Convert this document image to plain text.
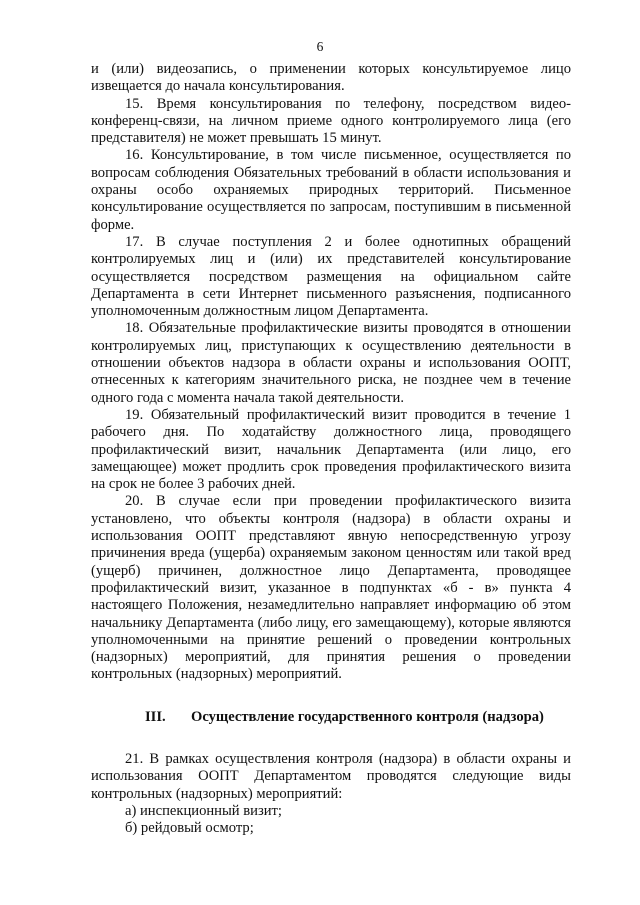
6

и (или) видеозапись, о применении которых консультируемое лицо извещается до начала консультирования.

15. Время консультирования по телефону, посредством видео-конференц-связи, на личном приеме одного контролируемого лица (его представителя) не может превышать 15 минут.

16. Консультирование, в том числе письменное, осуществляется по вопросам соблюдения Обязательных требований в области использования и охраны особо охраняемых природных территорий. Письменное консультирование осуществляется по запросам, поступившим в письменной форме.

17. В случае поступления 2 и более однотипных обращений контролируемых лиц и (или) их представителей консультирование осуществляется посредством размещения на официальном сайте Департамента в сети Интернет письменного разъяснения, подписанного уполномоченным должностным лицом Департамента.

18. Обязательные профилактические визиты проводятся в отношении контролируемых лиц, приступающих к осуществлению деятельности в отношении объектов надзора в области охраны и использования ООПТ, отнесенных к категориям значительного риска, не позднее чем в течение одного года с момента начала такой деятельности.

19. Обязательный профилактический визит проводится в течение 1 рабочего дня. По ходатайству должностного лица, проводящего профилактический визит, начальник Департамента (или лицо, его замещающее) может продлить срок проведения профилактического визита на срок не более 3 рабочих дней.

20. В случае если при проведении профилактического визита установлено, что объекты контроля (надзора) в области охраны и использования ООПТ представляют явную непосредственную угрозу причинения вреда (ущерба) охраняемым законом ценностям или такой вред (ущерб) причинен, должностное лицо Департамента, проводящее профилактический визит, указанное в подпунктах «б - в» пункта 4 настоящего Положения, незамедлительно направляет информацию об этом начальнику Департамента (либо лицу, его замещающему), которые являются уполномоченными на принятие решений о проведении контрольных (надзорных) мероприятий, для принятия решения о проведении контрольных (надзорных) мероприятий.

III. Осуществление государственного контроля (надзора)

21. В рамках осуществления контроля (надзора) в области охраны и использования ООПТ Департаментом проводятся следующие виды контрольных (надзорных) мероприятий:

а) инспекционный визит;

б) рейдовый осмотр;
